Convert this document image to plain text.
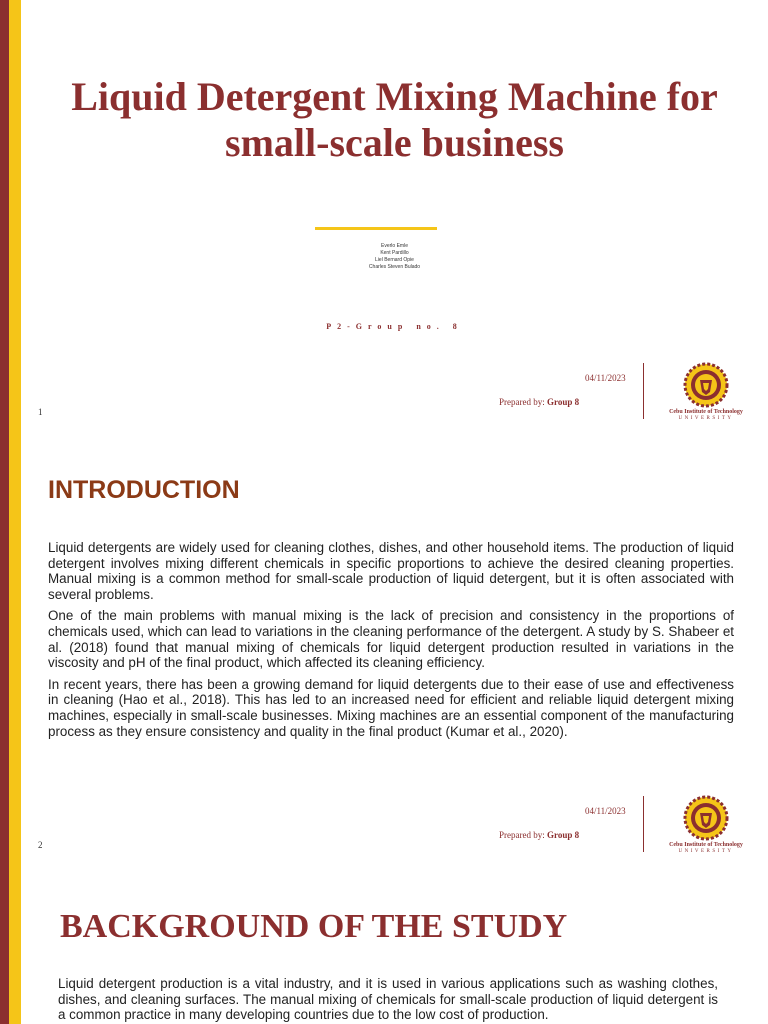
Liquid Detergent Mixing Machine for small-scale business
Everlo Emle
Kent Pardillo
Liel Bernard Opie
Charles Steven Bulado
P2-Group no. 8
04/11/2023
Prepared by: Group 8
Cebu Institute of Technology
UNIVERSITY
1
INTRODUCTION

Liquid detergents are widely used for cleaning clothes, dishes, and other household items. The production of liquid detergent involves mixing different chemicals in specific proportions to achieve the desired cleaning properties. Manual mixing is a common method for small-scale production of liquid detergent, but it is often associated with several problems.

One of the main problems with manual mixing is the lack of precision and consistency in the proportions of chemicals used, which can lead to variations in the cleaning performance of the detergent. A study by S. Shabeer et al. (2018) found that manual mixing of chemicals for liquid detergent production resulted in variations in the viscosity and pH of the final product, which affected its cleaning efficiency.

In recent years, there has been a growing demand for liquid detergents due to their ease of use and effectiveness in cleaning (Hao et al., 2018). This has led to an increased need for efficient and reliable liquid detergent mixing machines, especially in small-scale businesses. Mixing machines are an essential component of the manufacturing process as they ensure consistency and quality in the final product (Kumar et al., 2020).

04/11/2023
Prepared by: Group 8
Cebu Institute of Technology
UNIVERSITY
2
BACKGROUND OF THE STUDY

Liquid detergent production is a vital industry, and it is used in various applications such as washing clothes, dishes, and cleaning surfaces. The manual mixing of chemicals for small-scale production of liquid detergent is a common practice in many developing countries due to the low cost of production.
